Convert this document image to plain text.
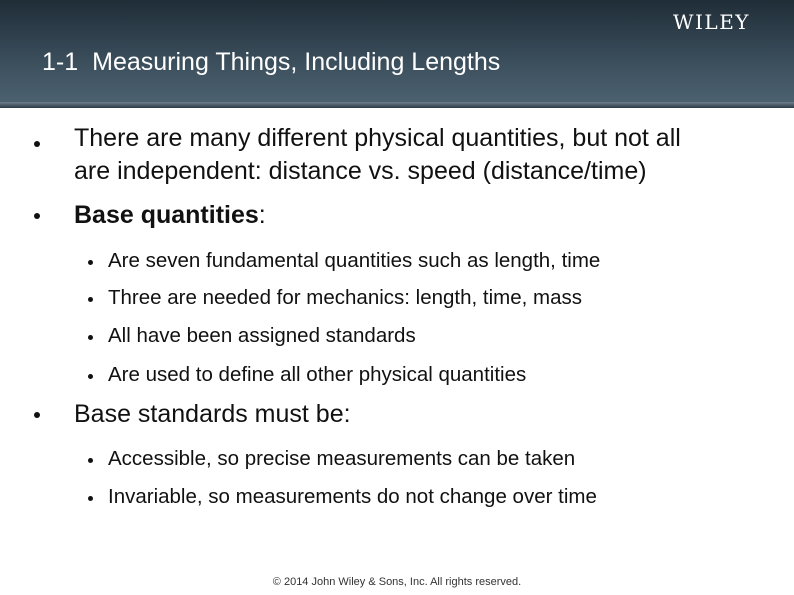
WILEY
1-1 Measuring Things, Including Lengths
There are many different physical quantities, but not all
are independent: distance vs. speed (distance/time)
Base quantities:
Are seven fundamental quantities such as length, time
Three are needed for mechanics: length, time, mass
All have been assigned standards
Are used to define all other physical quantities
Base standards must be:
Accessible, so precise measurements can be taken
Invariable, so measurements do not change over time
© 2014 John Wiley & Sons, Inc. All rights reserved.
